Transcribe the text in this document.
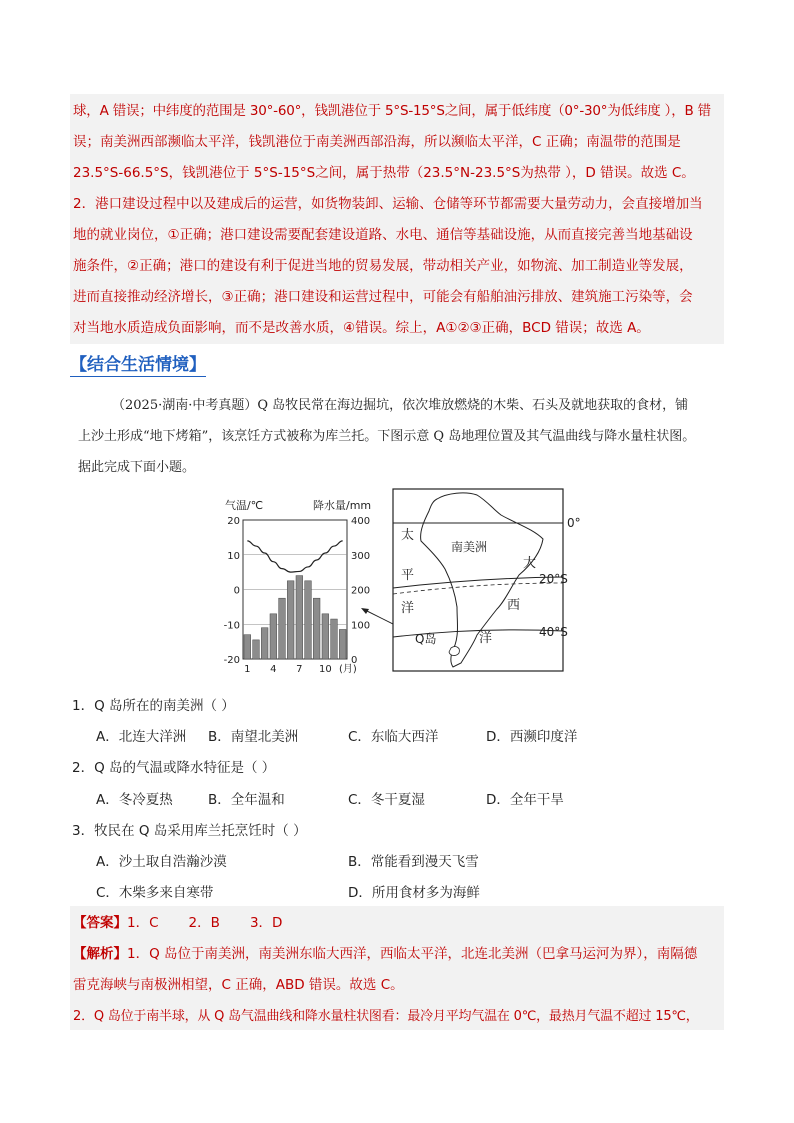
球，A 错误；中纬度的范围是 30°-60°，钱凯港位于 5°S-15°S之间，属于低纬度（0°-30°为低纬度 ），B 错
误；南美洲西部濒临太平洋，钱凯港位于南美洲西部沿海，所以濒临太平洋，C 正确；南温带的范围是
23.5°S-66.5°S，钱凯港位于 5°S-15°S之间，属于热带（23.5°N-23.5°S为热带 ），D 错误。故选 C。
2．港口建设过程中以及建成后的运营，如货物装卸、运输、仓储等环节都需要大量劳动力，会直接增加当
地的就业岗位，①正确；港口建设需要配套建设道路、水电、通信等基础设施，从而直接完善当地基础设
施条件，②正确；港口的建设有利于促进当地的贸易发展，带动相关产业，如物流、加工制造业等发展，
进而直接推动经济增长，③正确；港口建设和运营过程中，可能会有船舶油污排放、建筑施工污染等，会
对当地水质造成负面影响，而不是改善水质，④错误。综上，A①②③正确，BCD 错误；故选 A。
【结合生活情境】
（2025·湖南·中考真题）Q 岛牧民常在海边掘坑，依次堆放燃烧的木柴、石头及就地获取的食材，铺
上沙土形成“地下烤箱”，该烹饪方式被称为库兰托。下图示意 Q 岛地理位置及其气温曲线与降水量柱状图。
据此完成下面小题。
气温/℃	降水量/mm
20
10
0
-10
-20
400
300
200
100
0
1 4 7 10 (月)
南美洲
太
平
洋
大
西
洋
Q岛
0°
20°S
40°S
1．Q 岛所在的南美洲（ ）
A．北连大洋洲 B．南望北美洲	C．东临大西洋	D．西濒印度洋
2．Q 岛的气温或降水特征是（ ）
A．冬冷夏热	B．全年温和	C．冬干夏湿	D．全年干旱
3．牧民在 Q 岛采用库兰托烹饪时（ ）
A．沙土取自浩瀚沙漠	B．常能看到漫天飞雪
C．木柴多来自寒带	D．所用食材多为海鲜
【答案】1．C       2．B       3．D
【解析】1．Q 岛位于南美洲，南美洲东临大西洋，西临太平洋，北连北美洲（巴拿马运河为界），南隔德
雷克海峡与南极洲相望，C 正确，ABD 错误。故选 C。
2．Q 岛位于南半球，从 Q 岛气温曲线和降水量柱状图看：最冷月平均气温在 0℃，最热月气温不超过 15℃，
